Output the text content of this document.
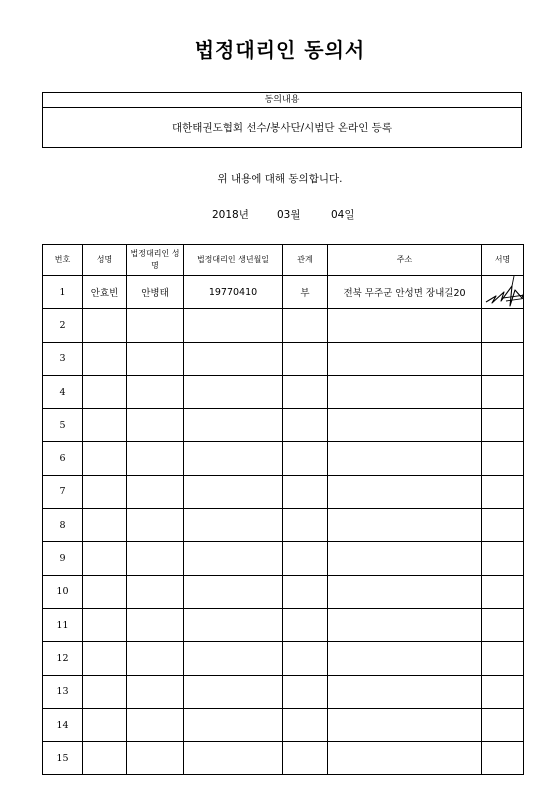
법정대리인 동의서
동의내용
대한태권도협회 선수/봉사단/시범단 온라인 등록
위 내용에 대해 동의합니다.
2018년	03월	04일
번호	성명	법정대리인 성명	법정대리인 생년월일	관계	주소	서명
1	안효빈	안병태	19770410	부	전북 무주군 안성면 장내길20	

2						
3						
4						
5						
6						
7						
8						
9						
10						
11						
12						
13						
14						
15						
